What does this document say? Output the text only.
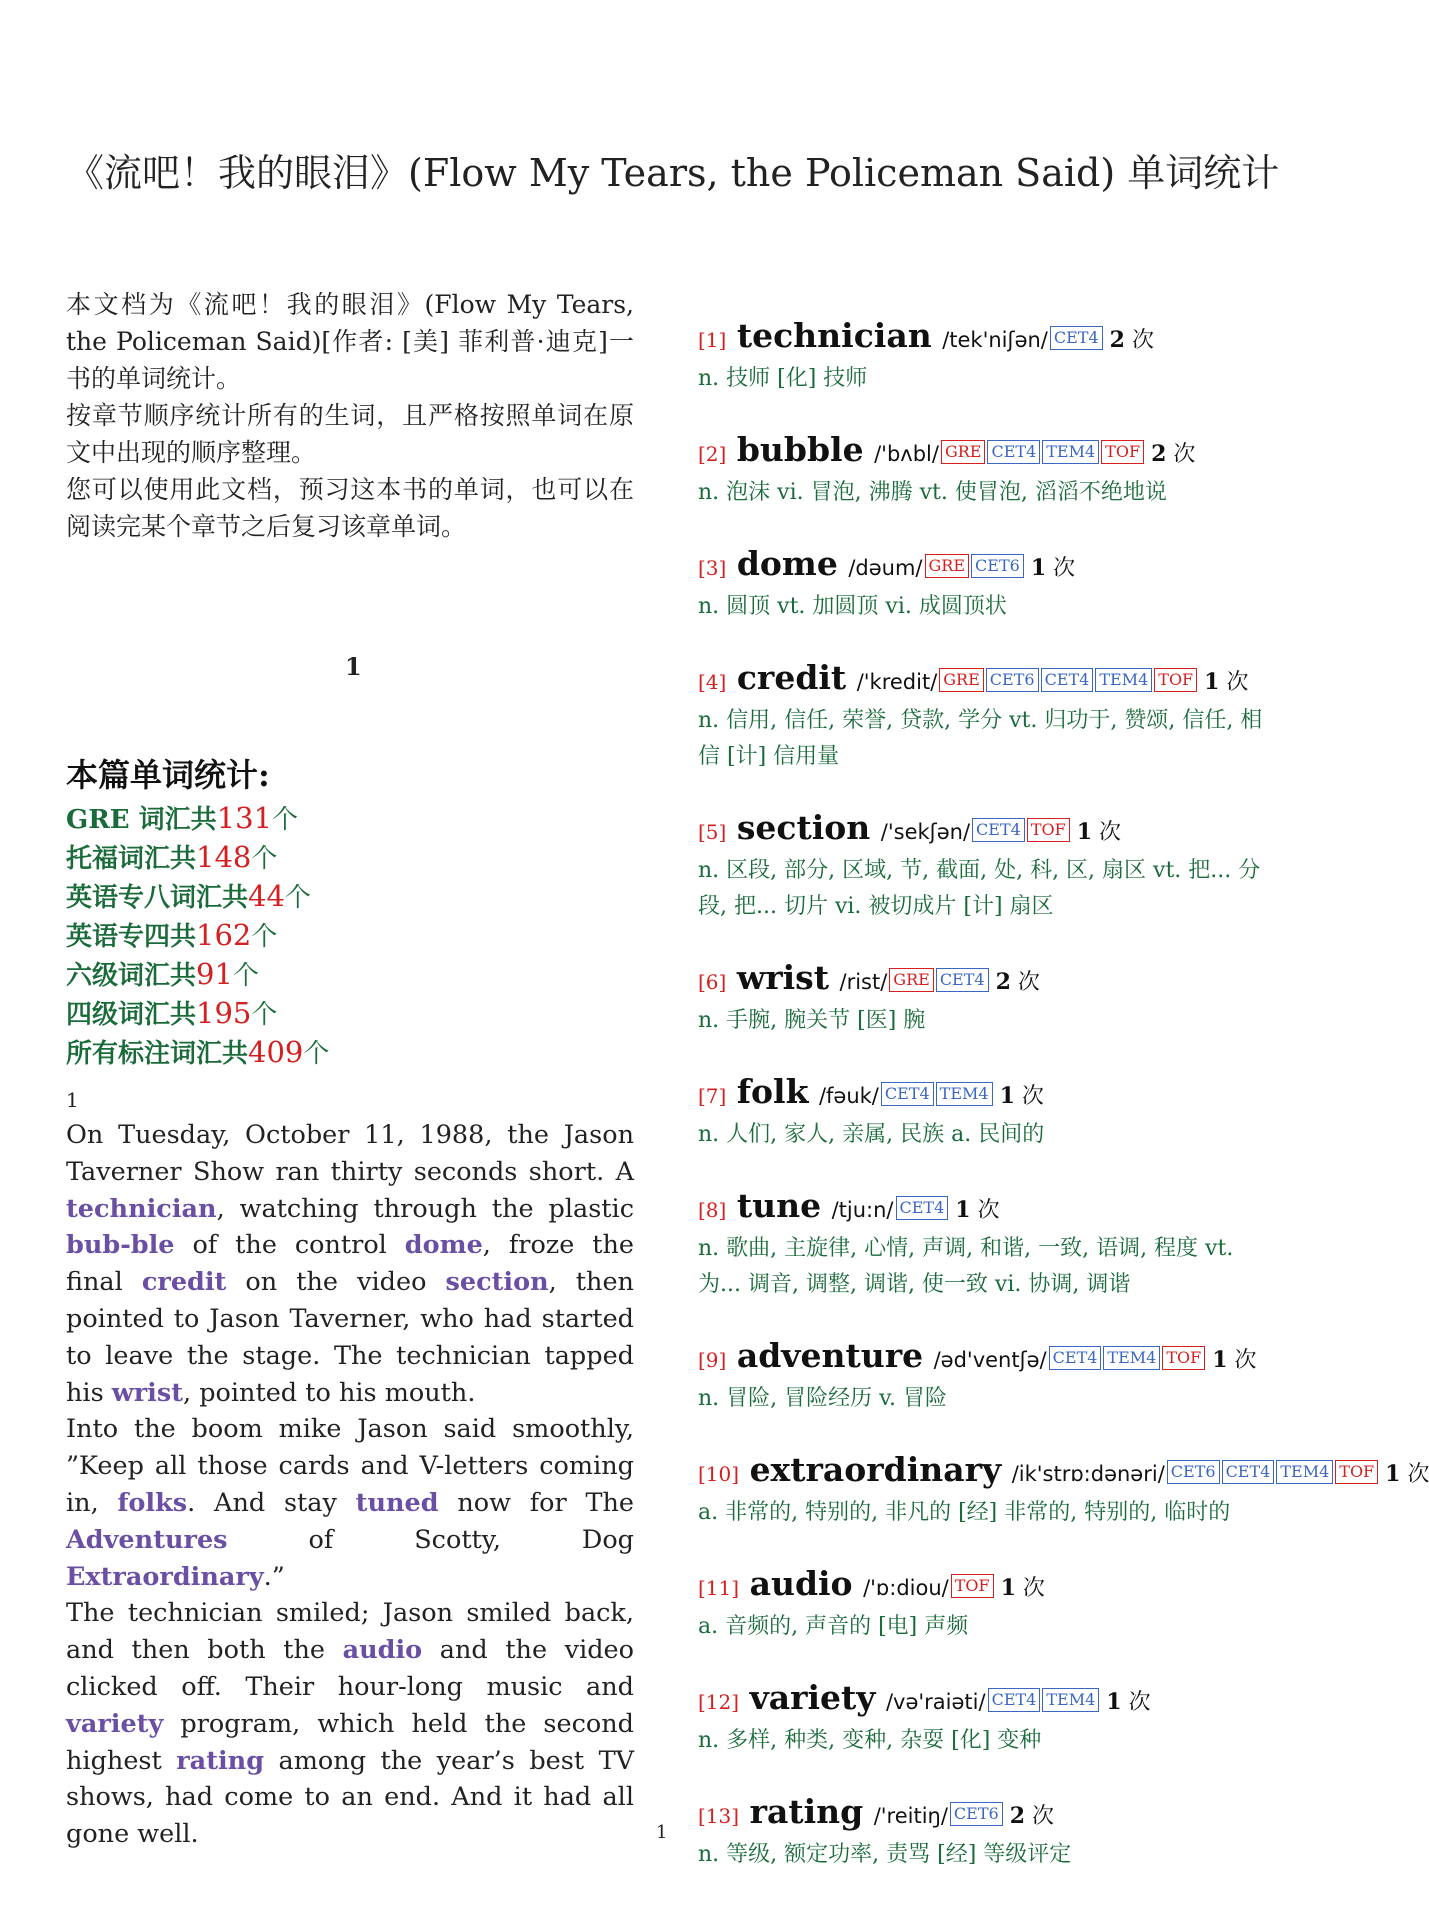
《流吧！我的眼泪》(Flow My Tears, the Policeman Said) 单词统计

本文档为《流吧！我的眼泪》(Flow My Tears, the Policeman Said)[作者: [美] 菲利普·迪克]一书的单词统计。

按章节顺序统计所有的生词，且严格按照单词在原文中出现的顺序整理。

您可以使用此文档，预习这本书的单词，也可以在阅读完某个章节之后复习该章单词。

1
本篇单词统计:
GRE 词汇共131个
托福词汇共148个
英语专八词汇共44个
英语专四共162个
六级词汇共91个
四级词汇共195个
所有标注词汇共409个
1

On Tuesday, October 11, 1988, the Jason Taverner Show ran thirty seconds short. A technician, watching through the plastic bub-ble of the control dome, froze the final credit on the video section, then pointed to Jason Taverner, who had started to leave the stage. The technician tapped his wrist, pointed to his mouth.

Into the boom mike Jason said smoothly, ”Keep all those cards and V-letters coming in, folks. And stay tuned now for The Adventures of Scotty, Dog Extraordinary.”

The technician smiled; Jason smiled back, and then both the audio and the video clicked off. Their hour-long music and variety program, which held the second highest rating among the year’s best TV shows, had come to an end. And it had all gone well.

[1] technician /tek'niʃən/ CET4 2 次
n. 技师 [化] 技师
[2] bubble /'bʌbl/ GRE CET4 TEM4 TOF 2 次
n. 泡沫 vi. 冒泡, 沸腾 vt. 使冒泡, 滔滔不绝地说
[3] dome /dəum/ GRE CET6 1 次
n. 圆顶 vt. 加圆顶 vi. 成圆顶状
[4] credit /'kredit/ GRE CET6 CET4 TEM4 TOF 1 次
n. 信用, 信任, 荣誉, 贷款, 学分 vt. 归功于, 赞颂, 信任, 相信 [计] 信用量
[5] section /'sekʃən/ CET4 TOF 1 次
n. 区段, 部分, 区域, 节, 截面, 处, 科, 区, 扇区 vt. 把... 分段, 把... 切片 vi. 被切成片 [计] 扇区
[6] wrist /rist/ GRE CET4 2 次
n. 手腕, 腕关节 [医] 腕
[7] folk /fəuk/ CET4 TEM4 1 次
n. 人们, 家人, 亲属, 民族 a. 民间的
[8] tune /tju:n/ CET4 1 次
n. 歌曲, 主旋律, 心情, 声调, 和谐, 一致, 语调, 程度 vt. 为... 调音, 调整, 调谐, 使一致 vi. 协调, 调谐
[9] adventure /əd'ventʃə/ CET4 TEM4 TOF 1 次
n. 冒险, 冒险经历 v. 冒险
[10] extraordinary /ik'strɒ:dənəri/ CET6 CET4 TEM4 TOF 1 次
a. 非常的, 特别的, 非凡的 [经] 非常的, 特别的, 临时的
[11] audio /'ɒ:diou/ TOF 1 次
a. 音频的, 声音的 [电] 声频
[12] variety /və'raiəti/ CET4 TEM4 1 次
n. 多样, 种类, 变种, 杂耍 [化] 变种
[13] rating /'reitiŋ/ CET6 2 次
n. 等级, 额定功率, 责骂 [经] 等级评定
1
